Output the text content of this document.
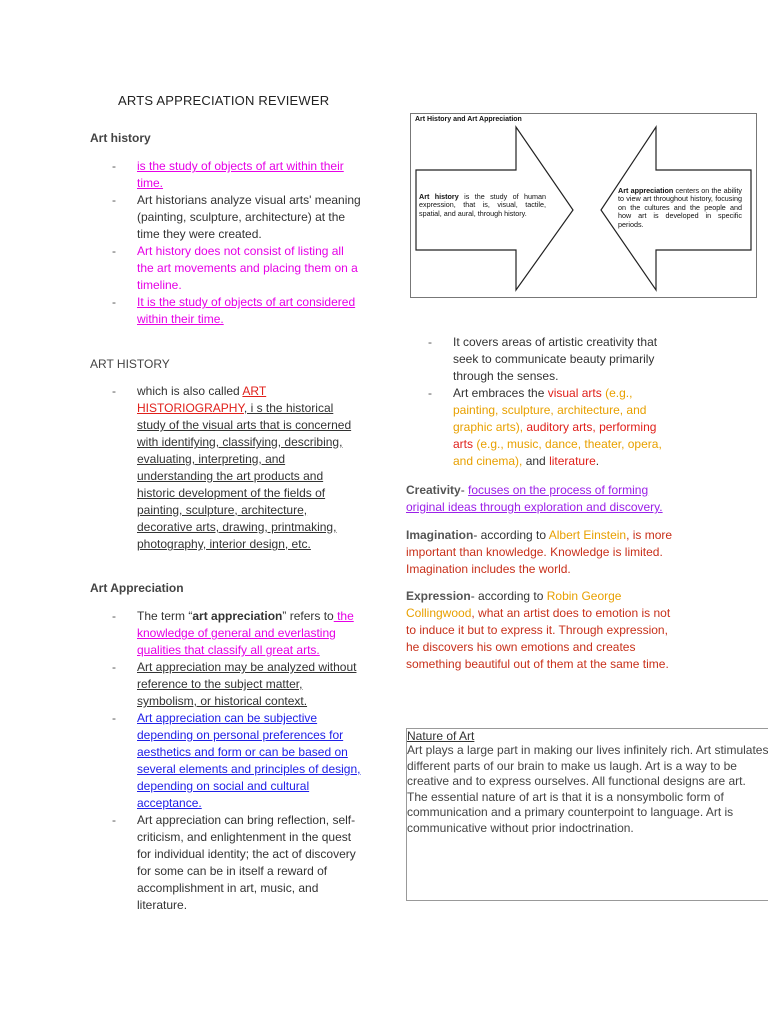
ARTS APPRECIATION REVIEWER
Art history
- is the study of objects of art within their time.
- Art historians analyze visual arts' meaning (painting, sculpture, architecture) at the time they were created.
- Art history does not consist of listing all the art movements and placing them on a timeline.
- It is the study of objects of art considered within their time.
ART HISTORY
- which is also called ART HISTORIOGRAPHY, i s the historical study of the visual arts that is concerned with identifying, classifying, describing, evaluating, interpreting, and understanding the art products and historic development of the fields of painting, sculpture, architecture, decorative arts, drawing, printmaking, photography, interior design, etc.
Art Appreciation
- The term “art appreciation” refers to the knowledge of general and everlasting qualities that classify all great arts.
- Art appreciation may be analyzed without reference to the subject matter, symbolism, or historical context.
- Art appreciation can be subjective depending on personal preferences for aesthetics and form or can be based on several elements and principles of design, depending on social and cultural acceptance.
- Art appreciation can bring reflection, self-criticism, and enlightenment in the quest for individual identity; the act of discovery for some can be in itself a reward of accomplishment in art, music, and literature.
Art History and Art Appreciation
Art history is the study of human expression, that is, visual, tactile, spatial, and aural, through history.
Art appreciation centers on the ability to view art throughout history, focusing on the cultures and the people and how art is developed in specific periods.
- It covers areas of artistic creativity that seek to communicate beauty primarily through the senses.
- Art embraces the visual arts (e.g., painting, sculpture, architecture, and graphic arts), auditory arts, performing arts (e.g., music, dance, theater, opera, and cinema), and literature.

Creativity- focuses on the process of forming original ideas through exploration and discovery.

Imagination- according to Albert Einstein, is more important than knowledge. Knowledge is limited. Imagination includes the world.

Expression- according to Robin George Collingwood, what an artist does to emotion is not to induce it but to express it. Through expression, he discovers his own emotions and creates something beautiful out of them at the same time.

Nature of Art
Art plays a large part in making our lives infinitely rich. Art stimulates different parts of our brain to make us laugh. Art is a way to be creative and to express ourselves. All functional designs are art. The essential nature of art is that it is a nonsymbolic form of communication and a primary counterpoint to language. Art is communicative without prior indoctrination.
